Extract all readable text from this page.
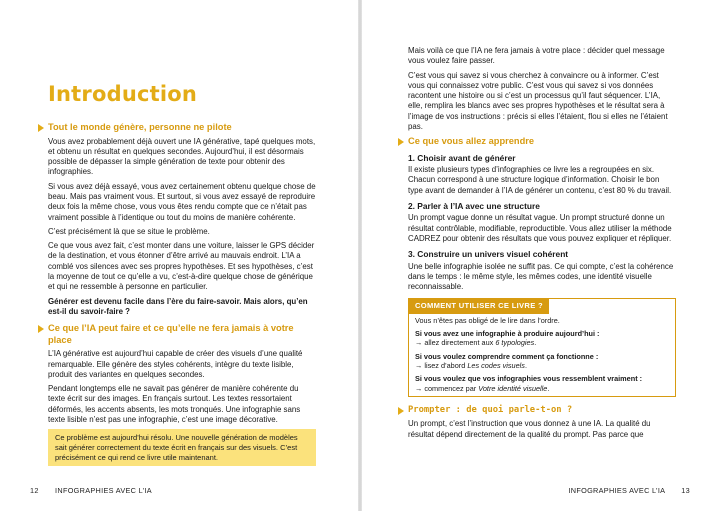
Introduction
Tout le monde génère, personne ne pilote

Vous avez probablement déjà ouvert une IA générative, tapé quelques mots, et obtenu un résultat en quelques secondes. Aujourd’hui, il est désormais possible de dépasser la simple génération de texte pour obtenir des infographies.

Si vous avez déjà essayé, vous avez certainement obtenu quelque chose de beau. Mais pas vraiment vous. Et surtout, si vous avez essayé de reproduire deux fois la même chose, vous vous êtes rendu compte que ce n’était pas vraiment possible à l’identique ou tout du moins de manière cohérente.

C’est précisément là que se situe le problème.

Ce que vous avez fait, c’est monter dans une voiture, laisser le GPS décider de la destination, et vous étonner d’être arrivé au mauvais endroit. L’IA a comblé vos silences avec ses propres hypothèses. Et ses hypothèses, c’est la moyenne de tout ce qu’elle a vu, c’est-à-dire quelque chose de générique et qui ne ressemble à personne en particulier.

Générer est devenu facile dans l’ère du faire-savoir. Mais alors, qu’en est-il du savoir-faire ?

Ce que l’IA peut faire et ce qu’elle ne fera jamais à votre place

L’IA générative est aujourd’hui capable de créer des visuels d’une qualité remarquable. Elle génère des styles cohérents, intègre du texte lisible, produit des variantes en quelques secondes.

Pendant longtemps elle ne savait pas générer de manière cohérente du texte écrit sur des images. En français surtout. Les textes ressortaient déformés, les accents absents, les mots tronqués. Une infographie sans texte lisible n’est pas une infographie, c’est une image décorative.

Ce problème est aujourd’hui résolu. Une nouvelle génération de modèles sait générer correctement du texte écrit en français sur des visuels. C’est précisément ce qui rend ce livre utile maintenant.
12 INFOGRAPHIES AVEC L’IA

Mais voilà ce que l’IA ne fera jamais à votre place : décider quel message vous voulez faire passer.

C’est vous qui savez si vous cherchez à convaincre ou à informer. C’est vous qui connaissez votre public. C’est vous qui savez si vos données racontent une histoire ou si c’est un processus qu’il faut séquencer. L’IA, elle, remplira les blancs avec ses propres hypothèses et le résultat sera à l’image de vos instructions : précis si elles l’étaient, flou si elles ne l’étaient pas.

Ce que vous allez apprendre
1. Choisir avant de générer

Il existe plusieurs types d’infographies ce livre les a regroupées en six. Chacun correspond à une structure logique d’information. Choisir le bon type avant de demander à l’IA de générer un contenu, c’est 80 % du travail.

2. Parler à l’IA avec une structure

Un prompt vague donne un résultat vague. Un prompt structuré donne un résultat contrôlable, modifiable, reproductible. Vous allez utiliser la méthode CADREZ pour obtenir des résultats que vous pouvez expliquer et répliquer.

3. Construire un univers visuel cohérent

Une belle infographie isolée ne suffit pas. Ce qui compte, c’est la cohérence dans le temps : le même style, les mêmes codes, une identité visuelle reconnaissable.

COMMENT UTILISER CE LIVRE ?
Vous n’êtes pas obligé de le lire dans l’ordre.
Si vous avez une infographie à produire aujourd’hui :
→ allez directement aux 6 typologies.
Si vous voulez comprendre comment ça fonctionne :
→ lisez d’abord Les codes visuels.
Si vous voulez que vos infographies vous ressemblent vraiment :
→ commencez par Votre identité visuelle.
Prompter : de quoi parle-t-on ?

Un prompt, c’est l’instruction que vous donnez à une IA. La qualité du résultat dépend directement de la qualité du prompt. Pas parce que

INFOGRAPHIES AVEC L’IA 13
